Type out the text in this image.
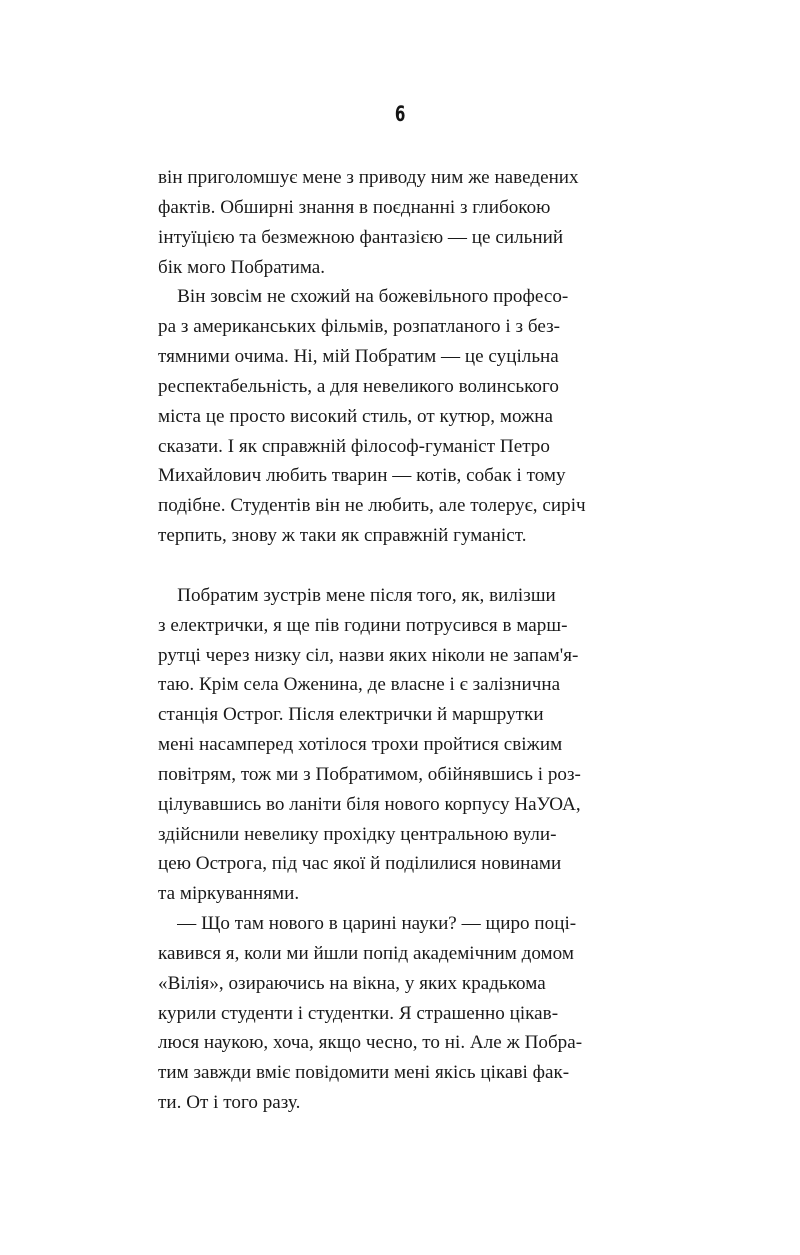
6

він приголомшує мене з приводу ним же наведених
фактів. Обширні знання в поєднанні з глибокою
інтуїцією та безмежною фантазією — це сильний
бік мого Побратима.

Він зовсім не схожий на божевільного професо-
ра з американських фільмів, розпатланого і з без-
тямними очима. Ні, мій Побратим — це суцільна
респектабельність, а для невеликого волинського
міста це просто високий стиль, от кутюр, можна
сказати. І як справжній філософ-гуманіст Петро
Михайлович любить тварин — котів, собак і тому
подібне. Студентів він не любить, але толерує, сиріч
терпить, знову ж таки як справжній гуманіст.

Побратим зустрів мене після того, як, вилізши
з електрички, я ще пів години потрусився в марш-
рутці через низку сіл, назви яких ніколи не запам'я-
таю. Крім села Оженина, де власне і є залізнична
станція Острог. Після електрички й маршрутки
мені насамперед хотілося трохи пройтися свіжим
повітрям, тож ми з Побратимом, обійнявшись і роз-
цілувавшись во ланіти біля нового корпусу НаУОА,
здійснили невелику прохідку центральною вули-
цею Острога, під час якої й поділилися новинами
та міркуваннями.

— Що там нового в царині науки? — щиро поці-
кавився я, коли ми йшли попід академічним домом
«Вілія», озираючись на вікна, у яких крадькома
курили студенти і студентки. Я страшенно цікав-
люся наукою, хоча, якщо чесно, то ні. Але ж Побра-
тим завжди вміє повідомити мені якісь цікаві фак-
ти. От і того разу.
